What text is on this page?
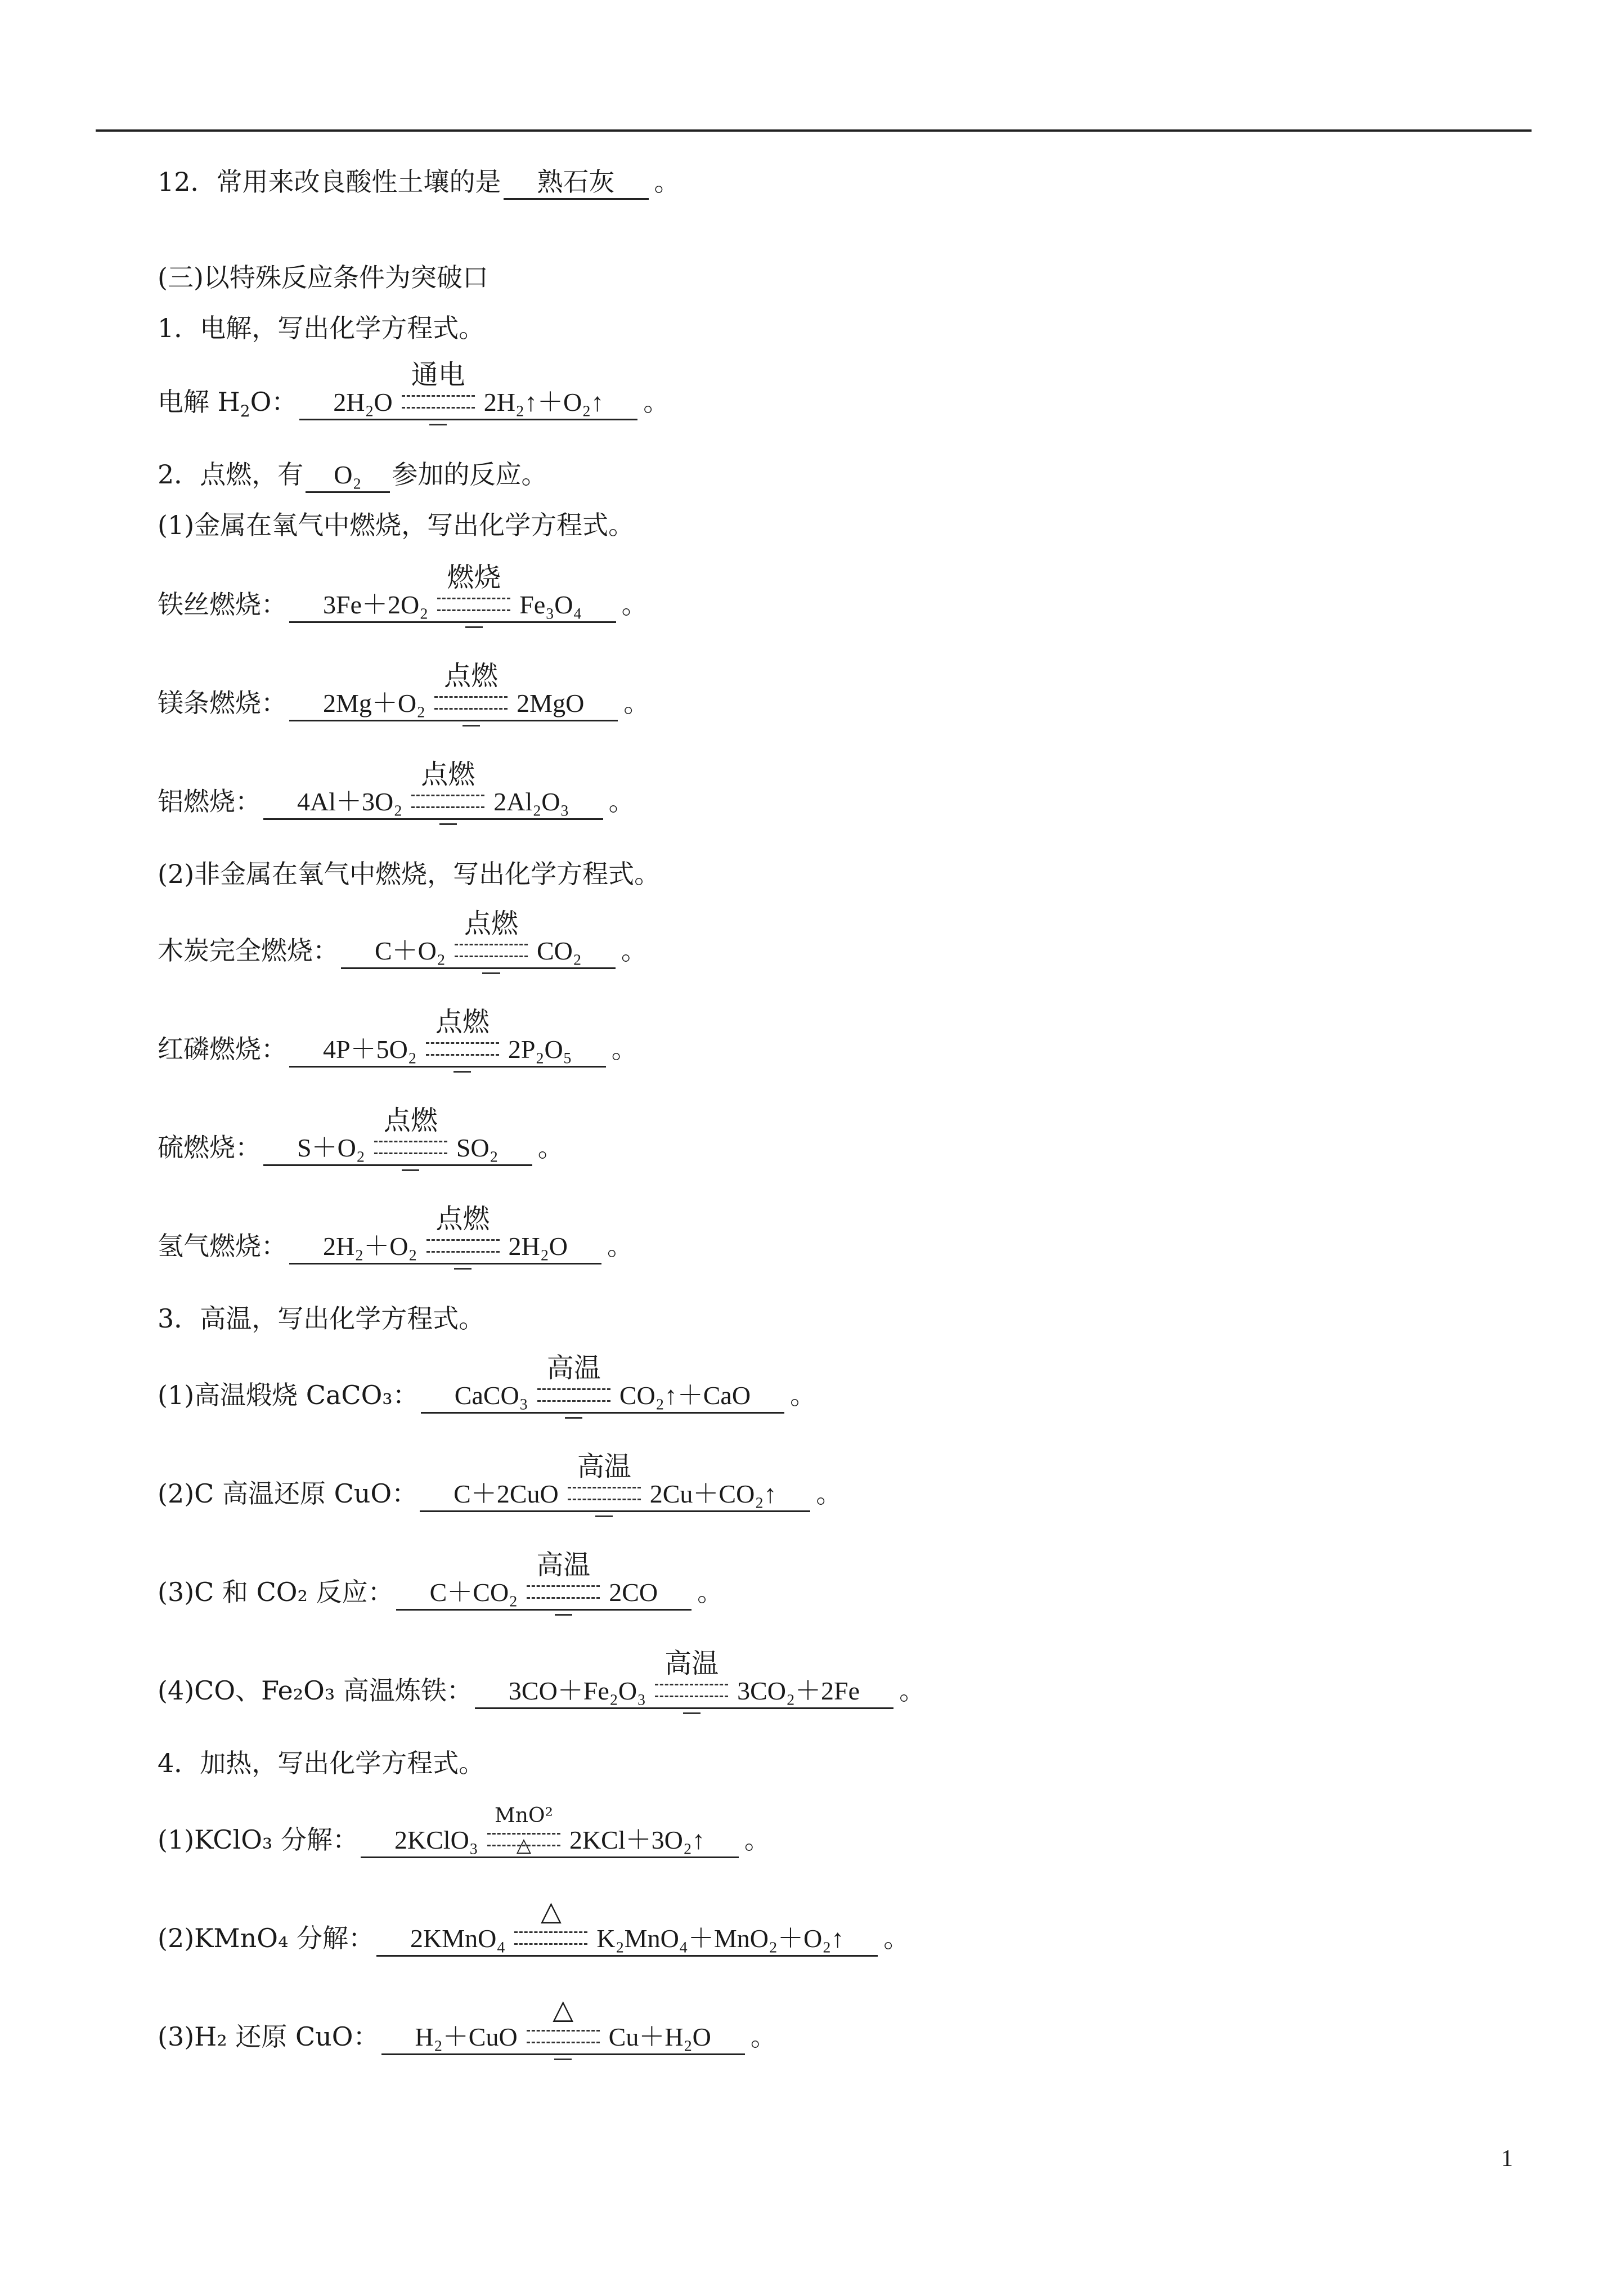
12．常用来改良酸性土壤的是 熟石灰 。
(三)以特殊反应条件为突破口
1．电解，写出化学方程式。
电解 $H_2O$： 2H₂O
通电
2H₂↑＋O₂↑ 。
2．点燃，有 O₂ 参加的反应。
(1)金属在氧气中燃烧，写出化学方程式。
铁丝燃烧： 3Fe＋2O₂
燃烧
Fe₃O₄ 。
镁条燃烧： 2Mg＋O₂
点燃
2MgO 。
铝燃烧： 4Al＋3O₂
点燃
2Al₂O₃ 。
(2)非金属在氧气中燃烧，写出化学方程式。
木炭完全燃烧： C＋O₂
点燃
CO₂ 。
红磷燃烧： 4P＋5O₂
点燃
2P₂O₅ 。
硫燃烧： S＋O₂
点燃
SO₂ 。
氢气燃烧： 2H₂＋O₂
点燃
2H₂O 。
3．高温，写出化学方程式。
(1)高温煅烧 CaCO₃： CaCO₃
高温
CO₂↑＋CaO 。
(2)C 高温还原 CuO： C＋2CuO
高温
2Cu＋CO₂↑ 。
(3)C 和 CO₂ 反应： C＋CO₂
高温
2CO 。
(4)CO、Fe₂O₃ 高温炼铁： 3CO＋Fe₂O₃
高温
3CO₂＋2Fe 。
4．加热，写出化学方程式。
(1)KClO₃ 分解： 2KClO₃
MnO²
△ 2KCl＋3O₂↑ 。
(2)KMnO₄ 分解： 2KMnO₄
△
K₂MnO₄＋MnO₂＋O₂↑ 。
(3)H₂ 还原 CuO： H₂＋CuO
△
Cu＋H₂O 。
1
